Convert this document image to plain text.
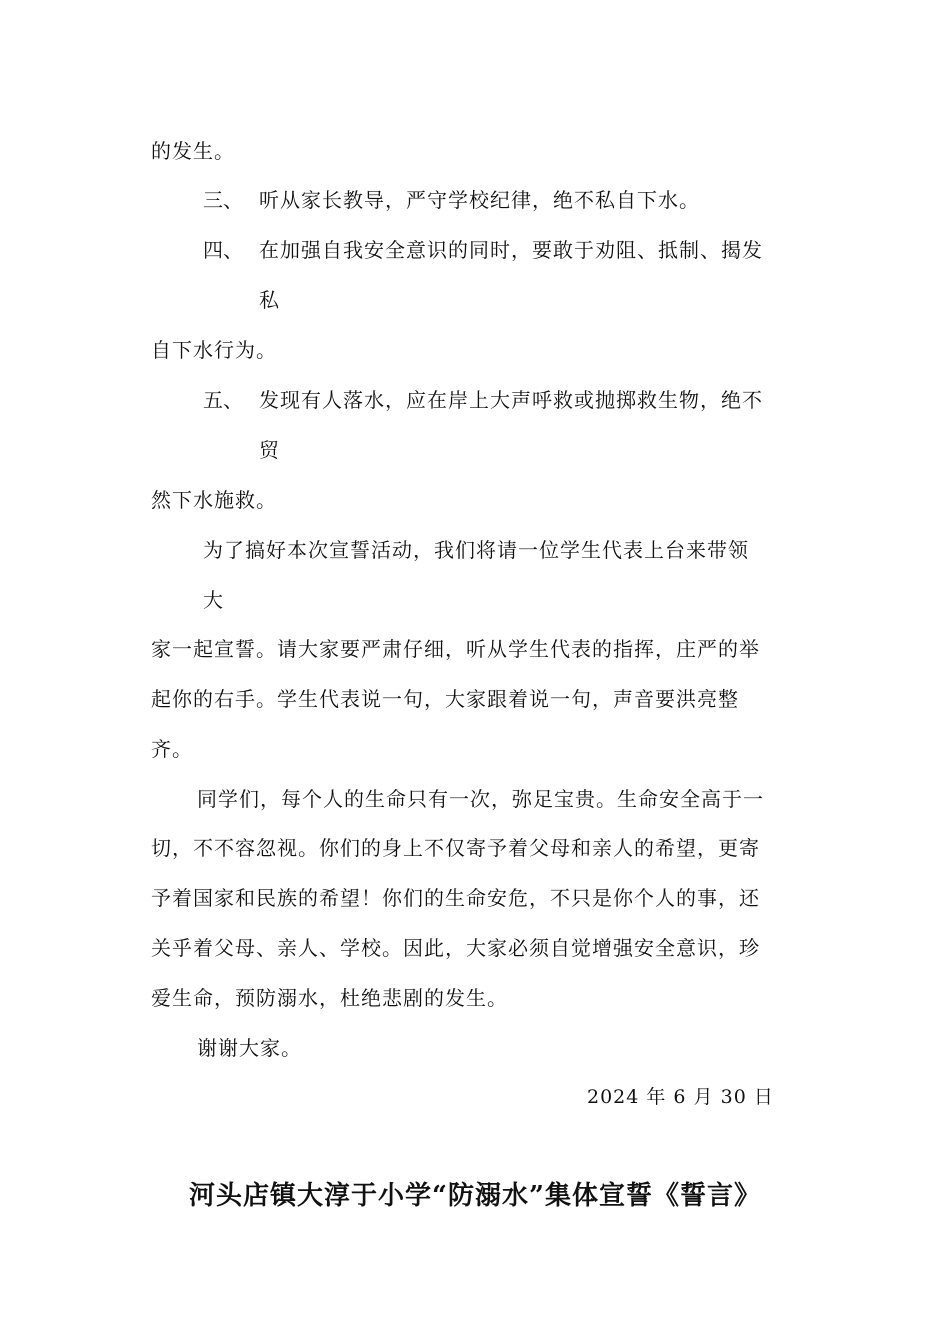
的发生。
三、 听从家长教导，严守学校纪律，绝不私自下水。
四、 在加强自我安全意识的同时，要敢于劝阻、抵制、揭发
私
自下水行为。
五、 发现有人落水，应在岸上大声呼救或抛掷救生物，绝不
贸
然下水施救。
为了搞好本次宣誓活动，我们将请一位学生代表上台来带领
大
家一起宣誓。请大家要严肃仔细，听从学生代表的指挥，庄严的举
起你的右手。学生代表说一句，大家跟着说一句，声音要洪亮整
齐。
同学们，每个人的生命只有一次，弥足宝贵。生命安全高于一
切，不不容忽视。你们的身上不仅寄予着父母和亲人的希望，更寄
予着国家和民族的希望！你们的生命安危，不只是你个人的事，还
关乎着父母、亲人、学校。因此，大家必须自觉增强安全意识，珍
爱生命，预防溺水，杜绝悲剧的发生。
谢谢大家。
2024 年 6 月 30 日
河头店镇大淳于小学“防溺水”集体宣誓《誓言》
